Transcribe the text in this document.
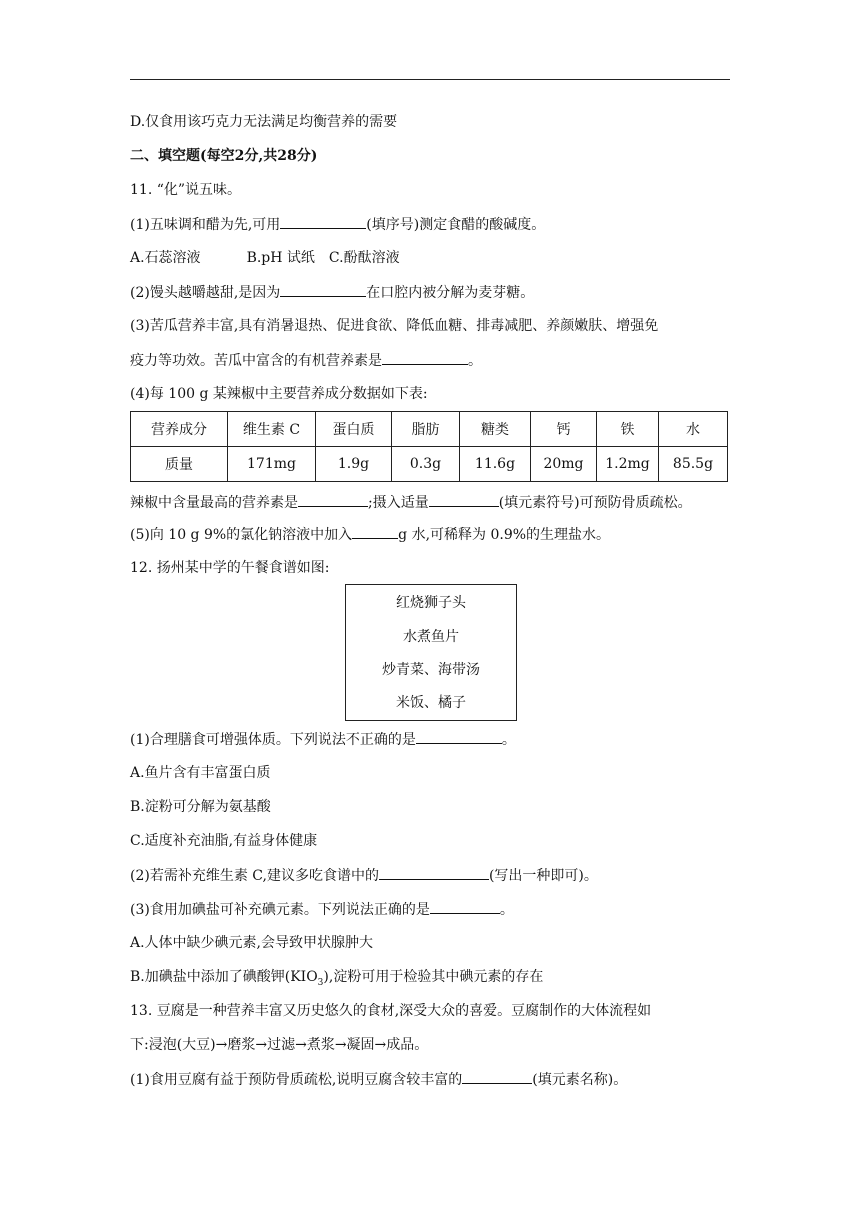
D.仅食用该巧克力无法满足均衡营养的需要
二、填空题(每空2分,共28分)
11. “化”说五味。
(1)五味调和醋为先,可用	(填序号)测定食醋的酸碱度。
A.石蕊溶液	B.pH 试纸 C.酚酞溶液
(2)馒头越嚼越甜,是因为	在口腔内被分解为麦芽糖。
(3)苦瓜营养丰富,具有消暑退热、促进食欲、降低血糖、排毒减肥、养颜嫩肤、增强免
疫力等功效。苦瓜中富含的有机营养素是	。
(4)每 100 g 某辣椒中主要营养成分数据如下表:
营养成分	维生素 C	蛋白质	脂肪	糖类	钙	铁	水
质量	171mg	1.9g	0.3g	11.6g	20mg	1.2mg	85.5g
辣椒中含量最高的营养素是	;摄入适量	(填元素符号)可预防骨质疏松。
(5)向 10 g 9%的氯化钠溶液中加入	g 水,可稀释为 0.9%的生理盐水。
12. 扬州某中学的午餐食谱如图:
红烧狮子头
水煮鱼片
炒青菜、海带汤
米饭、橘子
(1)合理膳食可增强体质。下列说法不正确的是	。
A.鱼片含有丰富蛋白质
B.淀粉可分解为氨基酸
C.适度补充油脂,有益身体健康
(2)若需补充维生素 C,建议多吃食谱中的	(写出一种即可)。
(3)食用加碘盐可补充碘元素。下列说法正确的是	。
A.人体中缺少碘元素,会导致甲状腺肿大
B.加碘盐中添加了碘酸钾$(KIO_3)$,淀粉可用于检验其中碘元素的存在
13. 豆腐是一种营养丰富又历史悠久的食材,深受大众的喜爱。豆腐制作的大体流程如
下:浸泡(大豆)→磨浆→过滤→煮浆→凝固→成品。
(1)食用豆腐有益于预防骨质疏松,说明豆腐含较丰富的	(填元素名称)。
